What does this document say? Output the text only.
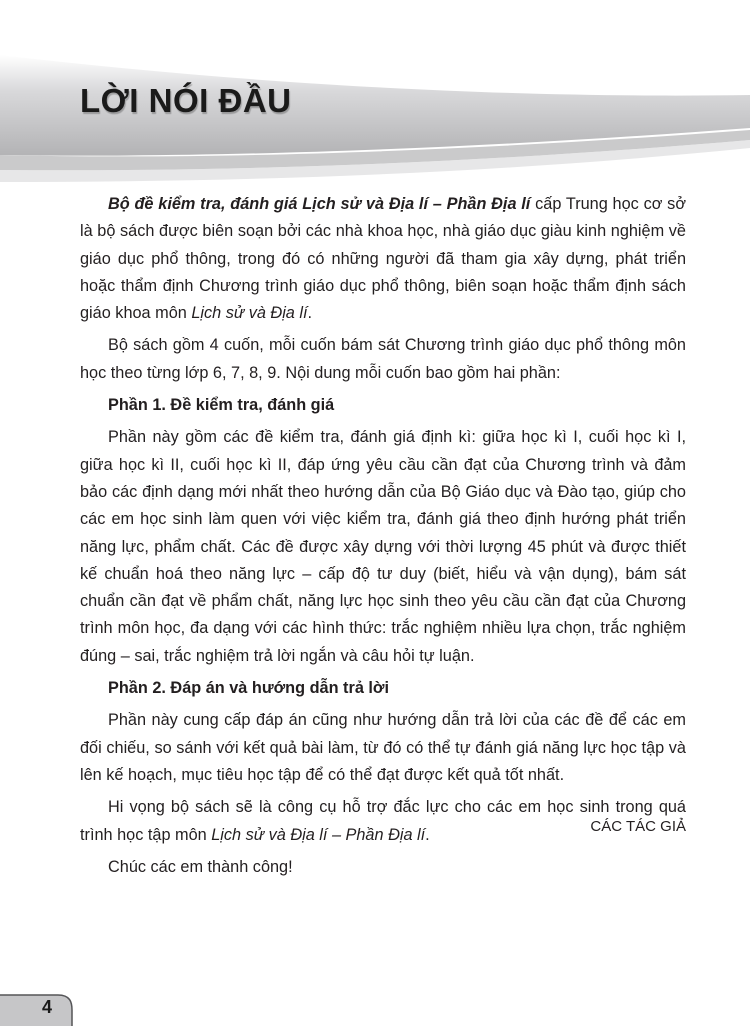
LỜI NÓI ĐẦU

Bộ đề kiểm tra, đánh giá Lịch sử và Địa lí – Phần Địa lí cấp Trung học cơ sở là bộ sách được biên soạn bởi các nhà khoa học, nhà giáo dục giàu kinh nghiệm về giáo dục phổ thông, trong đó có những người đã tham gia xây dựng, phát triển hoặc thẩm định Chương trình giáo dục phổ thông, biên soạn hoặc thẩm định sách giáo khoa môn Lịch sử và Địa lí.

Bộ sách gồm 4 cuốn, mỗi cuốn bám sát Chương trình giáo dục phổ thông môn học theo từng lớp 6, 7, 8, 9. Nội dung mỗi cuốn bao gồm hai phần:

Phần 1. Đề kiểm tra, đánh giá

Phần này gồm các đề kiểm tra, đánh giá định kì: giữa học kì I, cuối học kì I, giữa học kì II, cuối học kì II, đáp ứng yêu cầu cần đạt của Chương trình và đảm bảo các định dạng mới nhất theo hướng dẫn của Bộ Giáo dục và Đào tạo, giúp cho các em học sinh làm quen với việc kiểm tra, đánh giá theo định hướng phát triển năng lực, phẩm chất. Các đề được xây dựng với thời lượng 45 phút và được thiết kế chuẩn hoá theo năng lực – cấp độ tư duy (biết, hiểu và vận dụng), bám sát chuẩn cần đạt về phẩm chất, năng lực học sinh theo yêu cầu cần đạt của Chương trình môn học, đa dạng với các hình thức: trắc nghiệm nhiều lựa chọn, trắc nghiệm đúng – sai, trắc nghiệm trả lời ngắn và câu hỏi tự luận.

Phần 2. Đáp án và hướng dẫn trả lời

Phần này cung cấp đáp án cũng như hướng dẫn trả lời của các đề để các em đối chiếu, so sánh với kết quả bài làm, từ đó có thể tự đánh giá năng lực học tập và lên kế hoạch, mục tiêu học tập để có thể đạt được kết quả tốt nhất.

Hi vọng bộ sách sẽ là công cụ hỗ trợ đắc lực cho các em học sinh trong quá trình học tập môn Lịch sử và Địa lí – Phần Địa lí.

Chúc các em thành công!

CÁC TÁC GIẢ
4
